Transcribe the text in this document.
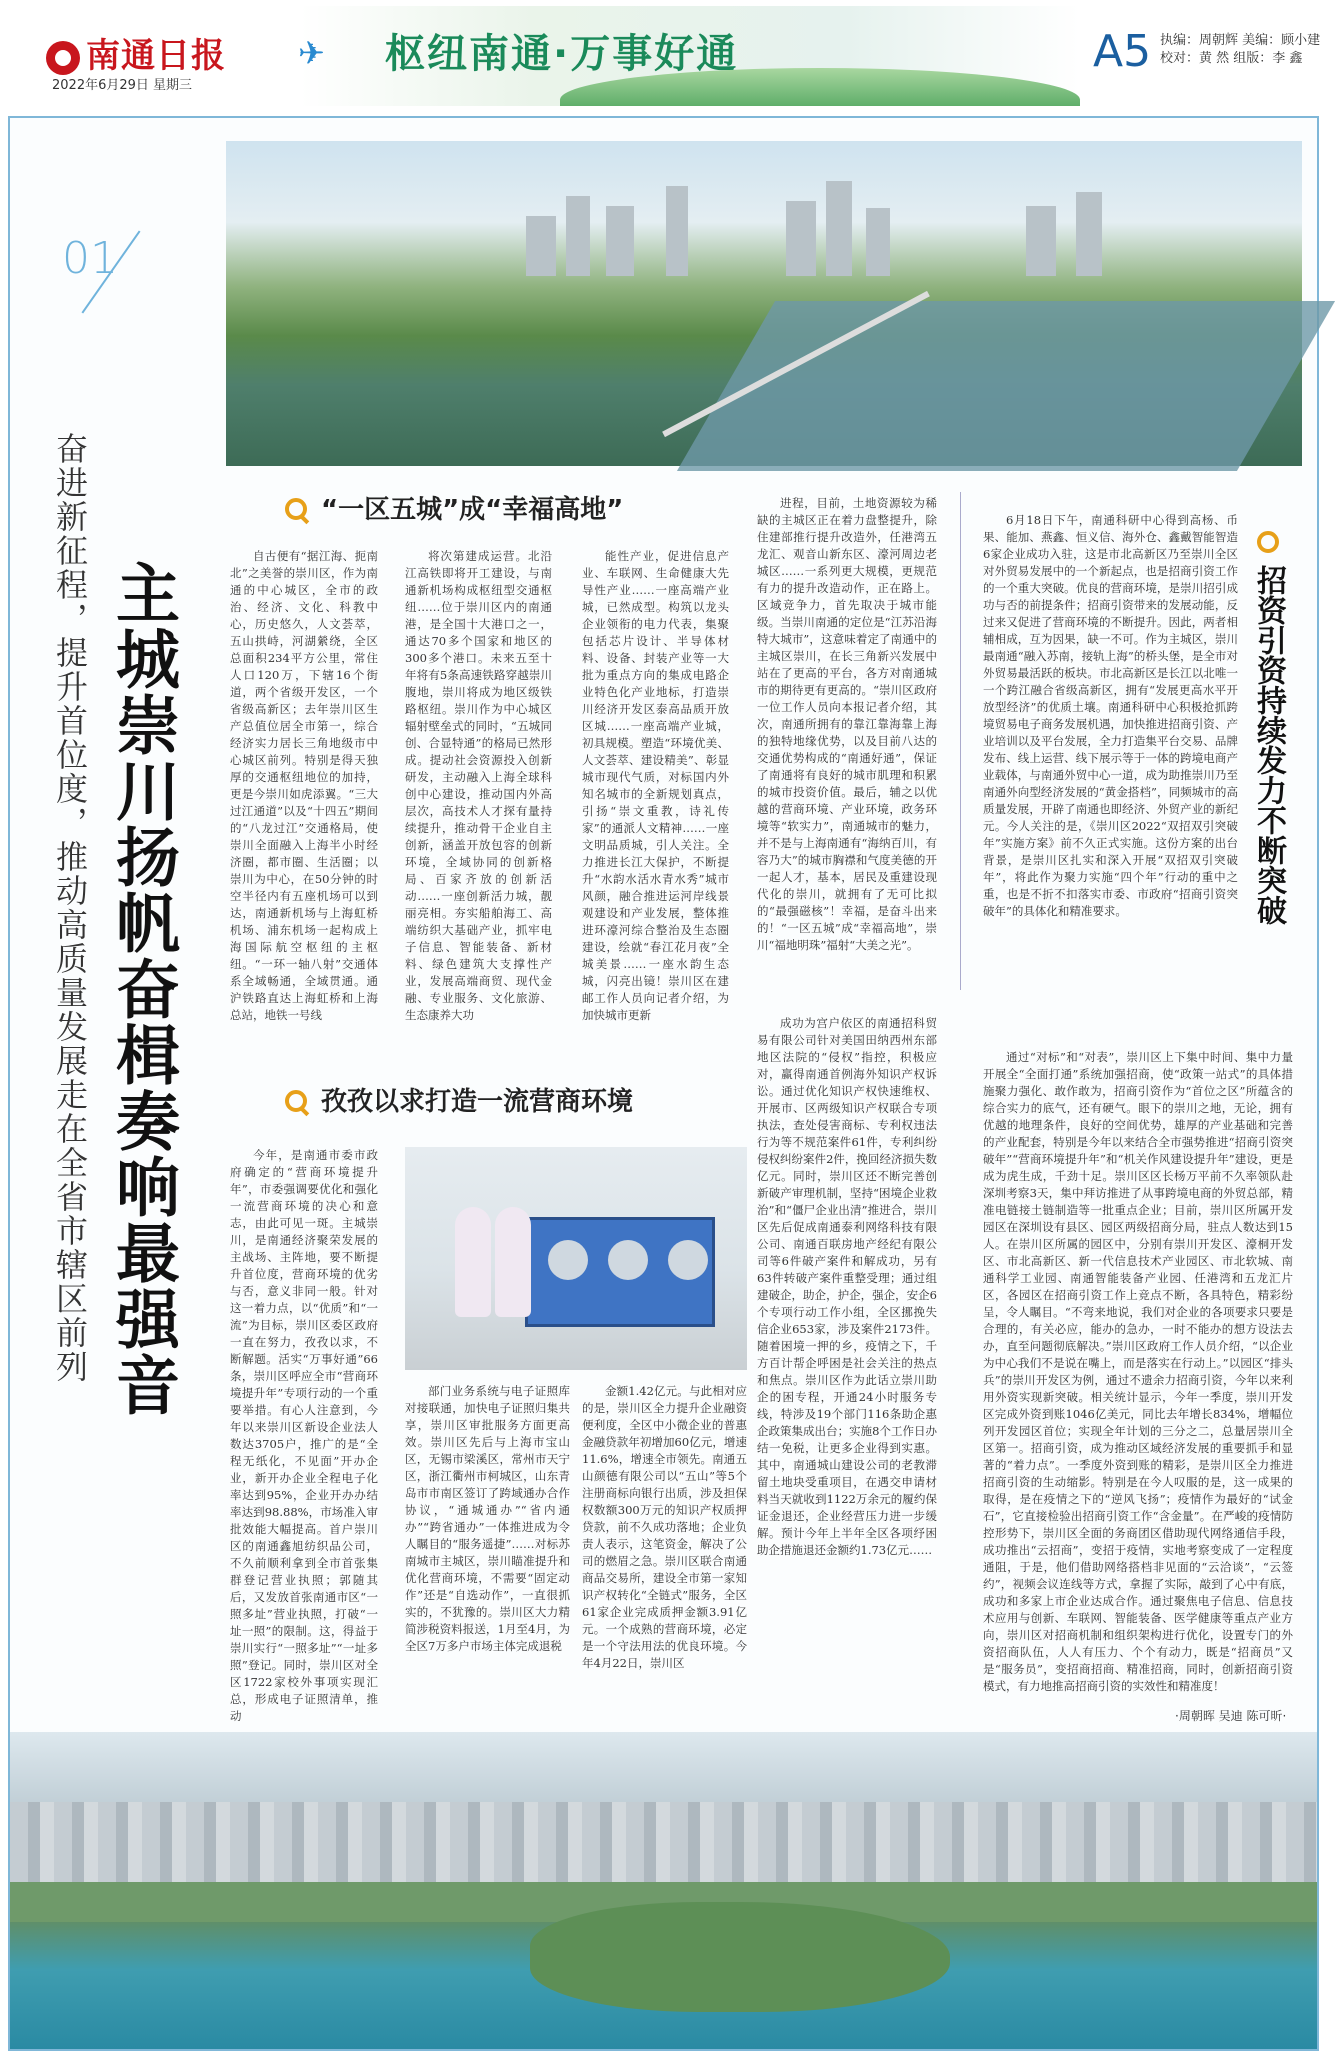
南通日报
2022年6月29日 星期三
✈ 枢纽南通·万事好通	A5 执编：周朝辉 美编：顾小建
校对：黄 然 组版：李 鑫
01
奋进新征程，提升首位度，推动高质量发展走在全省市辖区前列 主城崇川扬帆奋楫奏响最强音
“一区五城”成“幸福高地”

自古便有“据江海、扼南北”之美誉的崇川区，作为南通的中心城区，全市的政治、经济、文化、科教中心，历史悠久，人文荟萃，五山拱峙，河湖縈绕，全区总面积234平方公里，常住人口120万，下辖16个街道，两个省级开发区，一个省级高新区；去年崇川区生产总值位居全市第一，综合经济实力居长三角地级市中心城区前列。特别是得天独厚的交通枢纽地位的加持，更是今崇川如虎添翼。“三大过江通道”以及“十四五”期间的“八龙过江”交通格局，使崇川全面融入上海半小时经济圈，都市圈、生活圈；以崇川为中心，在50分钟的时空半径内有五座机场可以到达，南通新机场与上海虹桥机场、浦东机场一起构成上海国际航空枢纽的主枢纽。“一环一轴八射”交通体系全域畅通，全域贯通。通沪铁路直达上海虹桥和上海总站，地铁一号线

将次第建成运营。北沿江高铁即将开工建设，与南通新机场构成枢纽型交通枢纽……位于崇川区内的南通港，是全国十大港口之一，通达70多个国家和地区的300多个港口。未来五至十年将有5条高速铁路穿越崇川腹地，崇川将成为地区级铁路枢纽。崇川作为中心城区辐射壁垒式的同时，“五城同创、合显特通”的格局已然形成。提动社会资源投入创新研发，主动融入上海全球科创中心建设，推动国内外高层次，高技术人才探有量持续提升，推动骨干企业自主创新，涵盖开放包容的创新环境，全域协同的创新格局、百家齐放的创新活动……一座创新活力城，靓丽亮相。夯实船舶海工、高端纺织大基础产业，抓牢电子信息、智能装备、新材料、绿色建筑大支撑性产业，发展高端商贸、现代金融、专业服务、文化旅游、生态康养大功

能性产业，促进信息产业、车联网、生命健康大先导性产业……一座高端产业城，已然成型。构筑以龙头企业领衔的电力代表，集聚包括芯片设计、半导体材料、设备、封装产业等一大批为重点方向的集成电路企业特色化产业地标，打造崇川经济开发区泰高品质开放区城……一座高端产业城，初具规模。塑造“环境优美、人文荟萃、建设精美”、彰显城市现代气质，对标国内外知名城市的全新规划真点，引扬“崇文重教，诗礼传家”的通派人文精神……一座文明品质城，引人关注。全力推进长江大保护，不断提升“水韵水活水青水秀”城市风颜，融合推进运河岸线景观建设和产业发展，整体推进环濠河综合整治及生态圈建设，绘就“春江花月夜”全城美景……一座水韵生态城，闪亮出镜！崇川区在建邮工作人员向记者介绍，为加快城市更新

进程，目前，土地资源较为稀缺的主城区正在着力盘整提升，除住建部推行提升改造外，任港湾五龙汇、观音山新东区、濠河周边老城区……一系列更大规模，更规范有力的提升改造动作，正在路上。区域竞争力，首先取决于城市能级。当崇川南通的定位是“江苏沿海特大城市”，这意味着定了南通中的主城区崇川，在长三角新兴发展中站在了更高的平台，各方对南通城市的期待更有更高的。“崇川区政府一位工作人员向本报记者介绍，其次，南通所拥有的靠江靠海靠上海的独特地缘优势，以及目前八达的交通优势构成的“南通好通”，保证了南通将有良好的城市肌理和积累的城市投资价值。最后，辅之以优越的营商环境、产业环境，政务环境等“软实力”，南通城市的魅力，并不是与上海南通有“海纳百川，有容乃大”的城市胸襟和气度美德的开一起人才，基本，居民及重建设现代化的崇川，就拥有了无可比拟的“最强磁核”！幸福，是奋斗出来的！“一区五城”成“幸福高地”，崇川“福地明珠”福射“大美之光”。

招资引资持续发力不断突破

6月18日下午，南通科研中心得到高杨、币果、能加、燕鑫、恒义信、海外仓、鑫戴智能智造6家企业成功入驻，这是市北高新区乃至崇川全区对外贸易发展中的一个新起点，也是招商引资工作的一个重大突破。优良的营商环境，是崇川招引成功与否的前提条件；招商引资带来的发展动能，反过来又促进了营商环境的不断提升。因此，两者相辅相成，互为因果，缺一不可。作为主城区，崇川最南通“融入苏南，接轨上海”的桥头堡，是全市对外贸易最活跃的板块。市北高新区是长江以北唯一一个跨江融合省级高新区，拥有“发展更高水平开放型经济”的优质土壤。南通科研中心积极抢抓跨境贸易电子商务发展机遇，加快推进招商引资、产业培训以及平台发展，全力打造集平台交易、品牌发布、线上运营、线下展示等于一体的跨境电商产业载体，与南通外贸中心一道，成为助推崇川乃至南通外向型经济发展的“黄金搭档”，同频城市的高质量发展，开辟了南通也即经济、外贸产业的新纪元。今人关注的是，《崇川区2022“双招双引突破年”实施方案》前不久正式实施。这份方案的出台背景，是崇川区扎实和深入开展“双招双引突破年”，将此作为聚力实施“四个年”行动的重中之重，也是不折不扣落实市委、市政府“招商引资突破年”的具体化和精准要求。

通过“对标”和“对表”，崇川区上下集中时间、集中力量开展全“全面打通”系统加强招商，使“政策一站式”的具体措施聚力强化、敢作敢为，招商引资作为“首位之区”所蕴含的综合实力的底气，还有硬气。眼下的崇川之地，无论，拥有优越的地理条件，良好的空间优势，雄厚的产业基础和完善的产业配套，特别是今年以来结合全市强势推进“招商引资突破年”“营商环境提升年”和“机关作风建设提升年”建设，更是成为虎生成，千劲十足。崇川区区长杨万平前不久率领队赴深圳考察3天，集中拜访推进了从事跨境电商的外贸总部，精准电链接土链制造等一批重点企业；目前，崇川区所属开发园区在深圳设有县区、园区两级招商分局，驻点人数达到15人。在崇川区所属的园区中，分别有崇川开发区、濠桐开发区、市北高新区、新一代信息技术产业园区、市北软城、南通科学工业园、南通智能装备产业园、任港湾和五龙汇片区，各园区在招商引资工作上竞点不断，各具特色，精彩纷呈，令人瞩目。“不弯来地说，我们对企业的各项要求只要是合理的，有关必应，能办的急办，一时不能办的想方设法去办，直至问题彻底解决。”崇川区政府工作人员介绍，“以企业为中心我们不是说在嘴上，而是落实在行动上。”以园区“排头兵”的崇川开发区为例，通过不遗余力招商引资，今年以来利用外资实现新突破。相关统计显示，今年一季度，崇川开发区完成外资到账1046亿美元，同比去年增长834%，增幅位列开发园区首位；实现全年计划的三分之二，总量居崇川全区第一。招商引资，成为推动区域经济发展的重要抓手和显著的“着力点”。一季度外资到账的精彩，是崇川区全力推进招商引资的生动缩影。特别是在今人叹服的是，这一成果的取得，是在疫情之下的“逆风飞扬”；疫情作为最好的“试金石”，它直接检验出招商引资工作“含金量”。在严峻的疫情防控形势下，崇川区全面的务商团区借助现代网络通信手段，成功推出“云招商”，变招于疫情，实地考察变成了一定程度通阻，于是，他们借助网络搭档非见面的“云洽谈”，“云签约”，视频会议连线等方式，拿握了实际，敲到了心中有底，成功和多家上市企业达成合作。通过聚焦电子信息、信息技术应用与创新、车联网、智能装备、医学健康等重点产业方向，崇川区对招商机制和组织架构进行优化，设置专门的外资招商队伍，人人有压力、个个有动力，既是“招商员”又是“服务员”，变招商招商、精准招商，同时，创新招商引资模式，有力地推高招商引资的实效性和精准度！

孜孜以求打造一流营商环境

今年，是南通市委市政府确定的“营商环境提升年”，市委强调要优化和强化一流营商环境的决心和意志，由此可见一斑。主城崇川，是南通经济聚荣发展的主战场、主阵地，要不断提升首位度，营商环境的优劣与否，意义非同一般。针对这一着力点，以“优质”和“一流”为目标，崇川区委区政府一直在努力，孜孜以求，不断解题。活实“万事好通”66条，崇川区呼应全市“营商环境提升年”专项行动的一个重要举措。有心人注意到，今年以来崇川区新设企业法人数达3705户，推广的是“全程无纸化，不见面”开办企业，新开办企业全程电子化率达到95%，企业开办办结率达到98.88%，市场准入审批效能大幅提高。首户崇川区的南通鑫旭纺织品公司，不久前顺利拿到全市首张集群登记营业执照；郭随其后，又发放首张南通市区“一照多址”营业执照，打破“一址一照”的限制。这，得益于崇川实行“一照多址”“一址多照”登记。同时，崇川区对全区1722家校外事项实现汇总，形成电子证照清单，推动

部门业务系统与电子证照库对接联通，加快电子证照归集共享，崇川区审批服务方面更高效。崇川区先后与上海市宝山区，无锡市梁溪区，常州市天宁区，浙江衢州市柯城区，山东青岛市市南区签订了跨域通办合作协议，“通城通办”“省内通办”“跨省通办”一体推进成为令人瞩目的“服务遥捷”……对标苏南城市主城区，崇川瞄准提升和优化营商环境，不需要“固定动作”还是“自选动作”，一直很抓实的，不犹豫的。崇川区大力精简涉税资料报送，1月至4月，为全区7万多户市场主体完成退税

金额1.42亿元。与此相对应的是，崇川区全力提升企业融资便利度，全区中小微企业的普惠金融贷款年初增加60亿元，增速11.6%，增速全市领先。南通五山颜德有限公司以“五山”等5个注册商标向银行出质，涉及担保权数额300万元的知识产权质押贷款，前不久成功落地；企业负责人表示，这笔资金，解决了公司的燃眉之急。崇川区联合南通商品交易所，建设全市第一家知识产权转化“全链式”服务，全区61家企业完成质押金额3.91亿元。一个成熟的营商环境，必定是一个守法用法的优良环境。今年4月22日，崇川区

成功为宫户依区的南通招科贸易有限公司针对美国田纳西州东部地区法院的“侵权”指控，积极应对，赢得南通首例海外知识产权诉讼。通过优化知识产权快速维权、开展市、区两级知识产权联合专项执法，查处侵害商标、专利权违法行为等不规范案件61件，专利纠纷侵权纠纷案件2件，挽回经济损失数亿元。同时，崇川区还不断完善创新破产审理机制，坚持“困境企业救治”和“僵尸企业出清”推进合，崇川区先后促成南通泰利网络科技有限公司、南通百联房地产经纪有限公司等6件破产案件和解成功，另有63件转破产案件重整受理；通过组建破企，助企，护企，强企，安企6个专项行动工作小组，全区挪挽失信企业653家，涉及案件2173件。随着困境一押的乡，疫情之下，千方百计帮企呼困是社会关注的热点和焦点。崇川区作为此话立崇川助企的困专程，开通24小时服务专线，特涉及19个部门116条助企惠企政策集成出台；实施8个工作日办结一免税，让更多企业得到实惠。其中，南通城山建设公司的老教滞留土地块受重项目，在遇交申请材料当天就收到1122万余元的履约保证金退还，企业经营压力进一步缓解。预计今年上半年全区各项纾困助企措施退还金额约1.73亿元……

·周朝晖 吴迪 陈可昕·
